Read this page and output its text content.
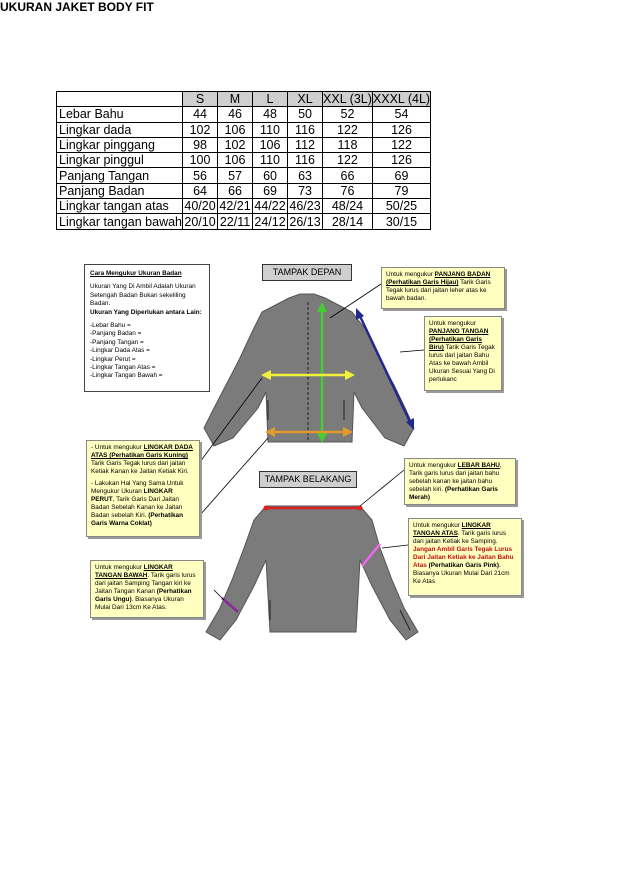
UKURAN JAKET BODY FIT
	S	M	L	XL	XXL (3L)	XXXL (4L)
Lebar Bahu	44	46	48	50	52	54
Lingkar dada	102	106	110	116	122	126
Lingkar pinggang	98	102	106	112	118	122
Lingkar pinggul	100	106	110	116	122	126
Panjang Tangan	56	57	60	63	66	69
Panjang Badan	64	66	69	73	76	79
Lingkar tangan atas	40/20	42/21	44/22	46/23	48/24	50/25
Lingkar tangan bawah	20/10	22/11	24/12	26/13	28/14	30/15
Cara Mengukur Ukuran Badan
Ukuran Yang Di Ambil Adalah Ukuran Setengah Badan Bukan sekeliling Badan.
Ukuran Yang Diperlukan antara Lain:
-Lebar Bahu =
-Panjang Badan =
-Panjang Tangan =
-Lingkar Dada Atas =
-Lingkar Perut =
-Lingkar Tangan Atas =
-Lingkar Tangan Bawah =
TAMPAK DEPAN
TAMPAK BELAKANG
Untuk mengukur PANJANG BADAN (Perhatikan Garis Hijau) Tarik Garis Tegak lurus dari jaitan leher atas ke bawah badan.
Untuk mengukur PANJANG TANGAN (Perhatikan Garis Biru) Tarik Garis Tegak lurus dari jaitan Bahu Atas ke bawah Ambil Ukuran Sesuai Yang Di perlukanc
- Untuk mengukur LINGKAR DADA ATAS (Perhatikan Garis Kuning) Tarik Garis Tegak lurus dari jaitan Ketiak Kanan ke Jaitan Ketiak Kiri.
- Lakukan Hal Yang Sama Untuk Mengukur Ukuran LINGKAR PERUT, Tarik Garis Dari Jaitan Badan Sebelah Kanan ke Jaitan Badan sebelah Kiri. (Perhatikan Garis Warna Coklat)
Untuk mengukur LEBAR BAHU, Tarik garis lurus dari jaitan bahu sebelah kanan ke jaitan bahu sebelah kiri. (Perhatikan Garis Merah)
Untuk mengukur LINGKAR TANGAN ATAS. Tarik garis lurus dari jaitan Ketiak ke Samping. Jangan Ambil Garis Tegak Lurus Dari Jaitan Ketiak ke Jaitan Bahu Atas (Perhatikan Garis Pink). Biasanya Ukuran Mulai Dari 21cm Ke Atas
Untuk mengukur LINGKAR TANGAN BAWAH. Tarik garis lurus dari jaitan Samping Tangan kiri ke Jaitan Tangan Kanan (Perhatikan Garis Ungu). Biasanya Ukuran Mulai Dari 13cm Ke Atas.
